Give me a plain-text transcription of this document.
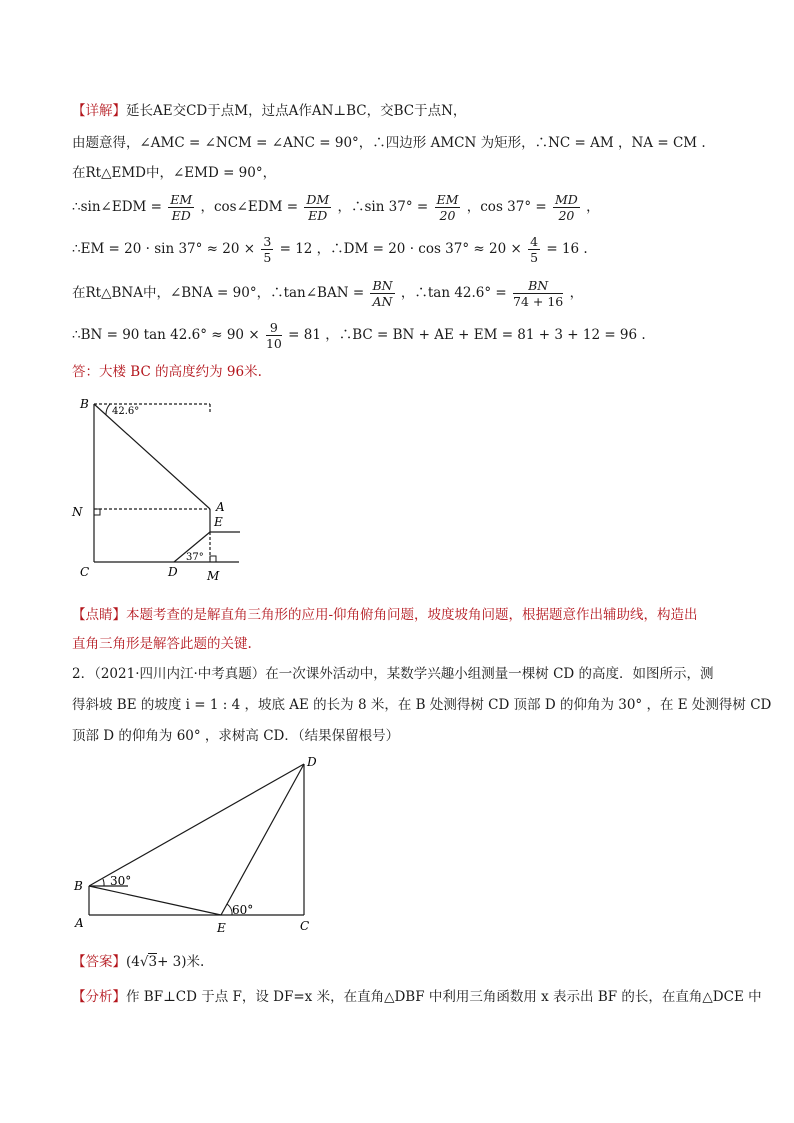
【详解】延长AE交CD于点M，过点A作AN⊥BC，交BC于点N，
由题意得，∠AMC = ∠NCM = ∠ANC = 90°，∴四边形 AMCN 为矩形，∴NC = AM ，NA = CM .
在Rt△EMD中，∠EMD = 90°，
∴sin∠EDM = $\frac{EM}{ED}$ ，cos∠EDM = $\frac{DM}{ED}$ ，∴sin $37^\circ = \frac{EM}{20}$ ，$\cos 37^\circ = \frac{MD}{20}$ ，
∴EM = $20 \cdot \sin 37^\circ \approx 20 \times \frac{3}{5} = 12$ ，∴DM = $20 \cdot \cos 37^\circ \approx 20 \times \frac{4}{5} = 16$ .
在Rt△BNA中，∠BNA = 90°，∴tan∠BAN = $\frac{BN}{AN}$ ，∴tan $42.6^\circ = \frac{BN}{74 + 16}$ ，
∴BN = 90 $\tan 42.6^\circ \approx 90 \times \frac{9}{10} = 81$ ，∴BC = BN + AE + EM = 81 + 3 + 12 = 96 .
答：大楼 BC 的高度约为 96米.
B
42.6°
N
C	D M
A
E
37°
【点睛】本题考查的是解直角三角形的应用-仰角俯角问题，坡度坡角问题，根据题意作出辅助线，构造出
直角三角形是解答此题的关键.
2．（2021·四川内江·中考真题）在一次课外活动中，某数学兴趣小组测量一棵树 CD 的高度．如图所示，测
得斜坡 BE 的坡度 i = 1 : 4 ，坡底 AE 的长为 8 米，在 B 处测得树 CD 顶部 D 的仰角为 30° ，在 E 处测得树 CD
顶部 D 的仰角为 60° ，求树高 CD．（结果保留根号）
D
B 30°
A	E
60°
C
【答案】(4√3+ 3)米.
【分析】作 BF⊥CD 于点 F，设 DF=x 米，在直角△DBF 中利用三角函数用 x 表示出 BF 的长，在直角△DCE 中
